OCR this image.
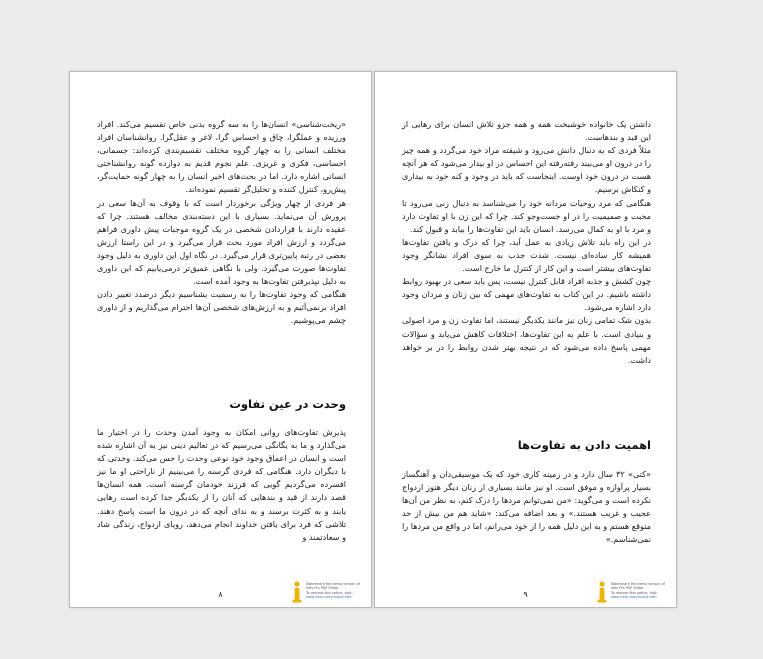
«ریخت‌شناسی» انسان‌ها را به سه گروه بدنی خاص تقسیم می‌کند. افراد ورزیده و عملگرا، چاق و احساس گرا، لاغر و عقل‌گرا. روانشناسان افراد مختلف انسانی را به چهار گروه مختلف تقسیم‌بندی کرده‌اند: جسمانی، احساسی، فکری و غریزی. علم نجوم قدیم به دوازده گونه روانشناختی انسانی اشاره دارد. اما در بحث‌های اخیر انسان را به چهار گونه حمایت‌گر، پیش‌رو، کنترل کننده و تحلیل‌گر تقسیم نموده‌اند.

هر فردی از چهار ویژگی برخوردار است که با وقوف به آن‌ها سعی در پرورش آن می‌نماید. بسیاری با این دسته‌بندی مخالف هستند. چرا که عقیده دارند با قراردادن شخصی در یک گروه موجبات پیش داوری فراهم می‌گردد و ارزش افراد مورد بحث قرار می‌گیرد و در این راستا ارزش بعضی در رتبه پایین‌تری قرار می‌گیرد. در نگاه اول این داوری به دلیل وجود تفاوت‌ها صورت می‌گیرد. ولی با نگاهی عمیق‌تر درمی‌یابیم که این داوری به دلیل نپذیرفتن تفاوت‌ها به وجود آمده است.

هنگامی که وجود تفاوت‌ها را به رسمیت بشناسیم دیگر درصدد تغییر دادن افراد برنمی‌آئیم و به ارزش‌های شخصی آن‌ها احترام می‌گذاریم و از داوری چشم می‌پوشیم.

وحدت در عین تفاوت

پذیرش تفاوت‌های روانی امکان به وجود آمدن وحدت را در اختیار ما می‌گذارد و ما به یگانگی می‌رسیم که در تعالیم دینی نیز به آن اشاره شده است و انسان در اعماق وجود خود نوعی وحدت را حس می‌کند. وحدتی که با دیگران دارد. هنگامی که فردی گرسنه را می‌بینیم از ناراحتی او ما نیز افسرده می‌گردیم گویی که فرزند خودمان گرسنه است. همه انسان‌ها قصد دارند از قید و بندهایی که آنان را از یکدیگر جدا کرده است رهایی یابند و به کثرت برسند و به ندای آنچه که در درون ما است پاسخ دهند. تلاشی که فرد برای یافتن خداوند انجام می‌دهد، رویای ازدواج، زندگی شاد و سعادتمند و

۸
Watermark the demo version of
Infix Pro PDF Editor
To remove this notice, visit:
www.iceni.com/unlock.htm

داشتن یک خانواده خوشبخت همه و همه جزو تلاش انسان برای رهایی از این قید و بندهاست.

مثلاً فردی که به دنبال دانش می‌رود و شیفته مراد خود می‌گردد و همه چیز را در درون او می‌بیند رفته‌رفته این احساس در او بیدار می‌شود که هر آنچه هست در درون خود اوست. اینجاست که باید در وجود و کنه خود به بیداری و کنکاش برسیم.

هنگامی که مرد روحیات مردانه خود را می‌شناسد به دنبال زنی می‌رود تا محبت و صمیمیت را در او جست‌وجو کند. چرا که این زن با او تفاوت دارد و مرد با او به کمال می‌رسد. انسان باید این تفاوت‌ها را بیابد و قبول کند.

در این راه باید تلاش زیادی به عمل آید، چرا که درک و یافتن تفاوت‌ها همیشه کار ساده‌ای نیست. شدت جذب به سوی افراد نشانگر وجود تفاوت‌های بیشتر است و این کار از کنترل ما خارج است.

چون کشش و جذبه افراد قابل کنترل نیست، پس باید سعی در بهبود روابط داشته باشیم. در این کتاب به تفاوت‌های مهمی که بین زنان و مردان وجود دارد اشاره می‌شود.

بدون شک تمامی زنان نیز مانند یکدیگر نیستند، اما تفاوت زن و مرد اصولی و بنیادی است. با علم به این تفاوت‌ها، اختلافات کاهش می‌یابد و سؤالات مهمی پاسخ داده می‌شود که در نتیجه بهتر شدن روابط را در بر خواهد داشت.

اهمیت دادن به تفاوت‌ها

«کتی» ۳۲ سال دارد و در زمینه کاری خود که یک موسیقی‌دان و آهنگساز بسیار پرآوازه و موفق است. او نیز مانند بسیاری از زنان دیگر هنوز ازدواج نکرده است و می‌گوید: «من نمی‌توانم مردها را درک کنم، به نظر من آن‌ها عجیب و غریب هستند.» و بعد اضافه می‌کند: «شاید هم من بیش از حد متوقع هستم و به این دلیل همه را از خود می‌رانم، اما در واقع من مردها را نمی‌شناسم.»

۹
Watermark the demo version of
Infix Pro PDF Editor
To remove this notice, visit:
www.iceni.com/unlock.htm
